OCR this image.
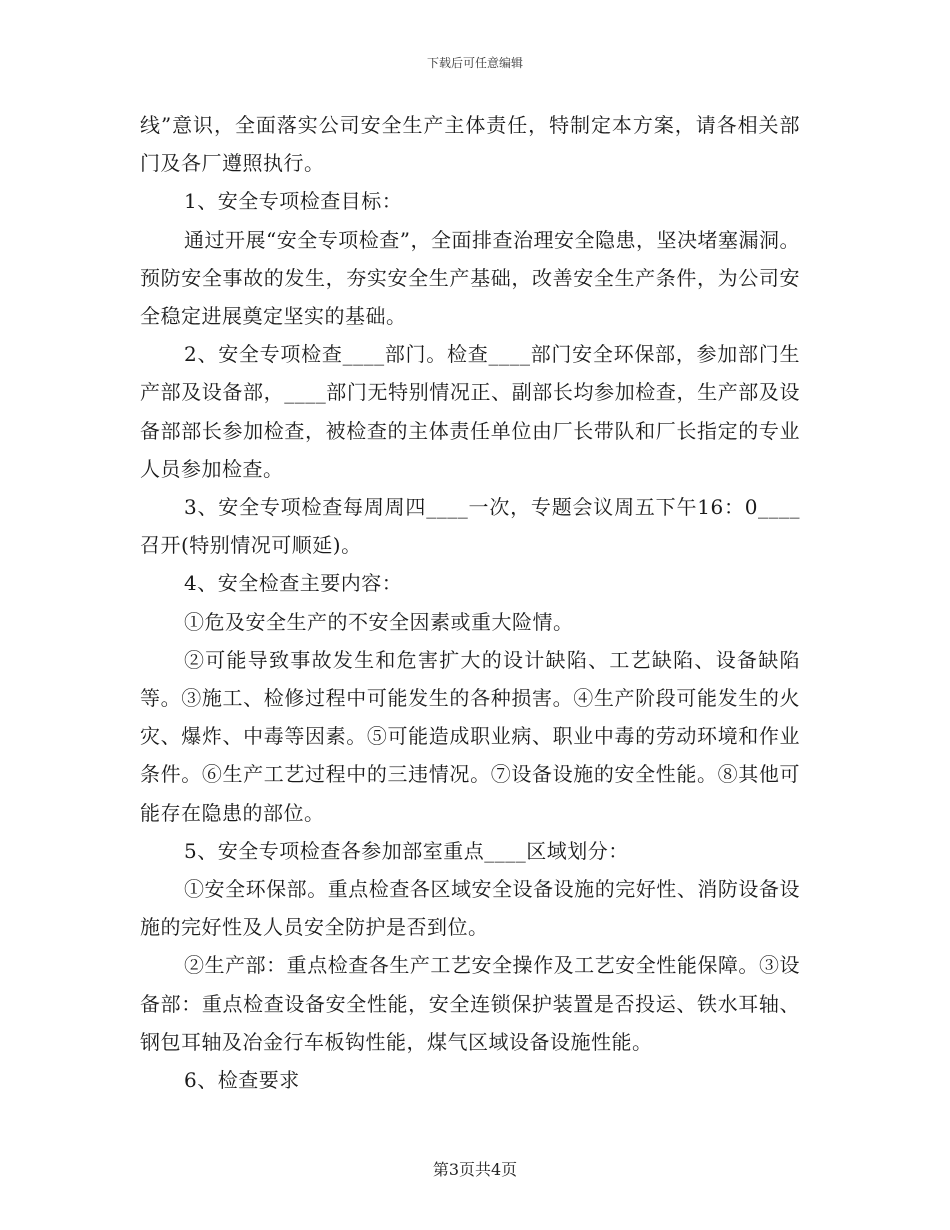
下载后可任意编辑

线”意识，全面落实公司安全生产主体责任，特制定本方案，请各相关部门及各厂遵照执行。

1、安全专项检查目标：

通过开展“安全专项检查”，全面排查治理安全隐患，坚决堵塞漏洞。预防安全事故的发生，夯实安全生产基础，改善安全生产条件，为公司安全稳定进展奠定坚实的基础。

2、安全专项检查____部门。检查____部门安全环保部，参加部门生产部及设备部，____部门无特别情况正、副部长均参加检查，生产部及设备部部长参加检查，被检查的主体责任单位由厂长带队和厂长指定的专业人员参加检查。

3、安全专项检查每周周四____一次，专题会议周五下午16：0____召开(特别情况可顺延)。

4、安全检查主要内容：

①危及安全生产的不安全因素或重大险情。

②可能导致事故发生和危害扩大的设计缺陷、工艺缺陷、设备缺陷等。③施工、检修过程中可能发生的各种损害。④生产阶段可能发生的火灾、爆炸、中毒等因素。⑤可能造成职业病、职业中毒的劳动环境和作业条件。⑥生产工艺过程中的三违情况。⑦设备设施的安全性能。⑧其他可能存在隐患的部位。

5、安全专项检查各参加部室重点____区域划分：

①安全环保部。重点检查各区域安全设备设施的完好性、消防设备设施的完好性及人员安全防护是否到位。

②生产部：重点检查各生产工艺安全操作及工艺安全性能保障。③设备部：重点检查设备安全性能，安全连锁保护装置是否投运、铁水耳轴、钢包耳轴及冶金行车板钩性能，煤气区域设备设施性能。

6、检查要求

第3页共4页
